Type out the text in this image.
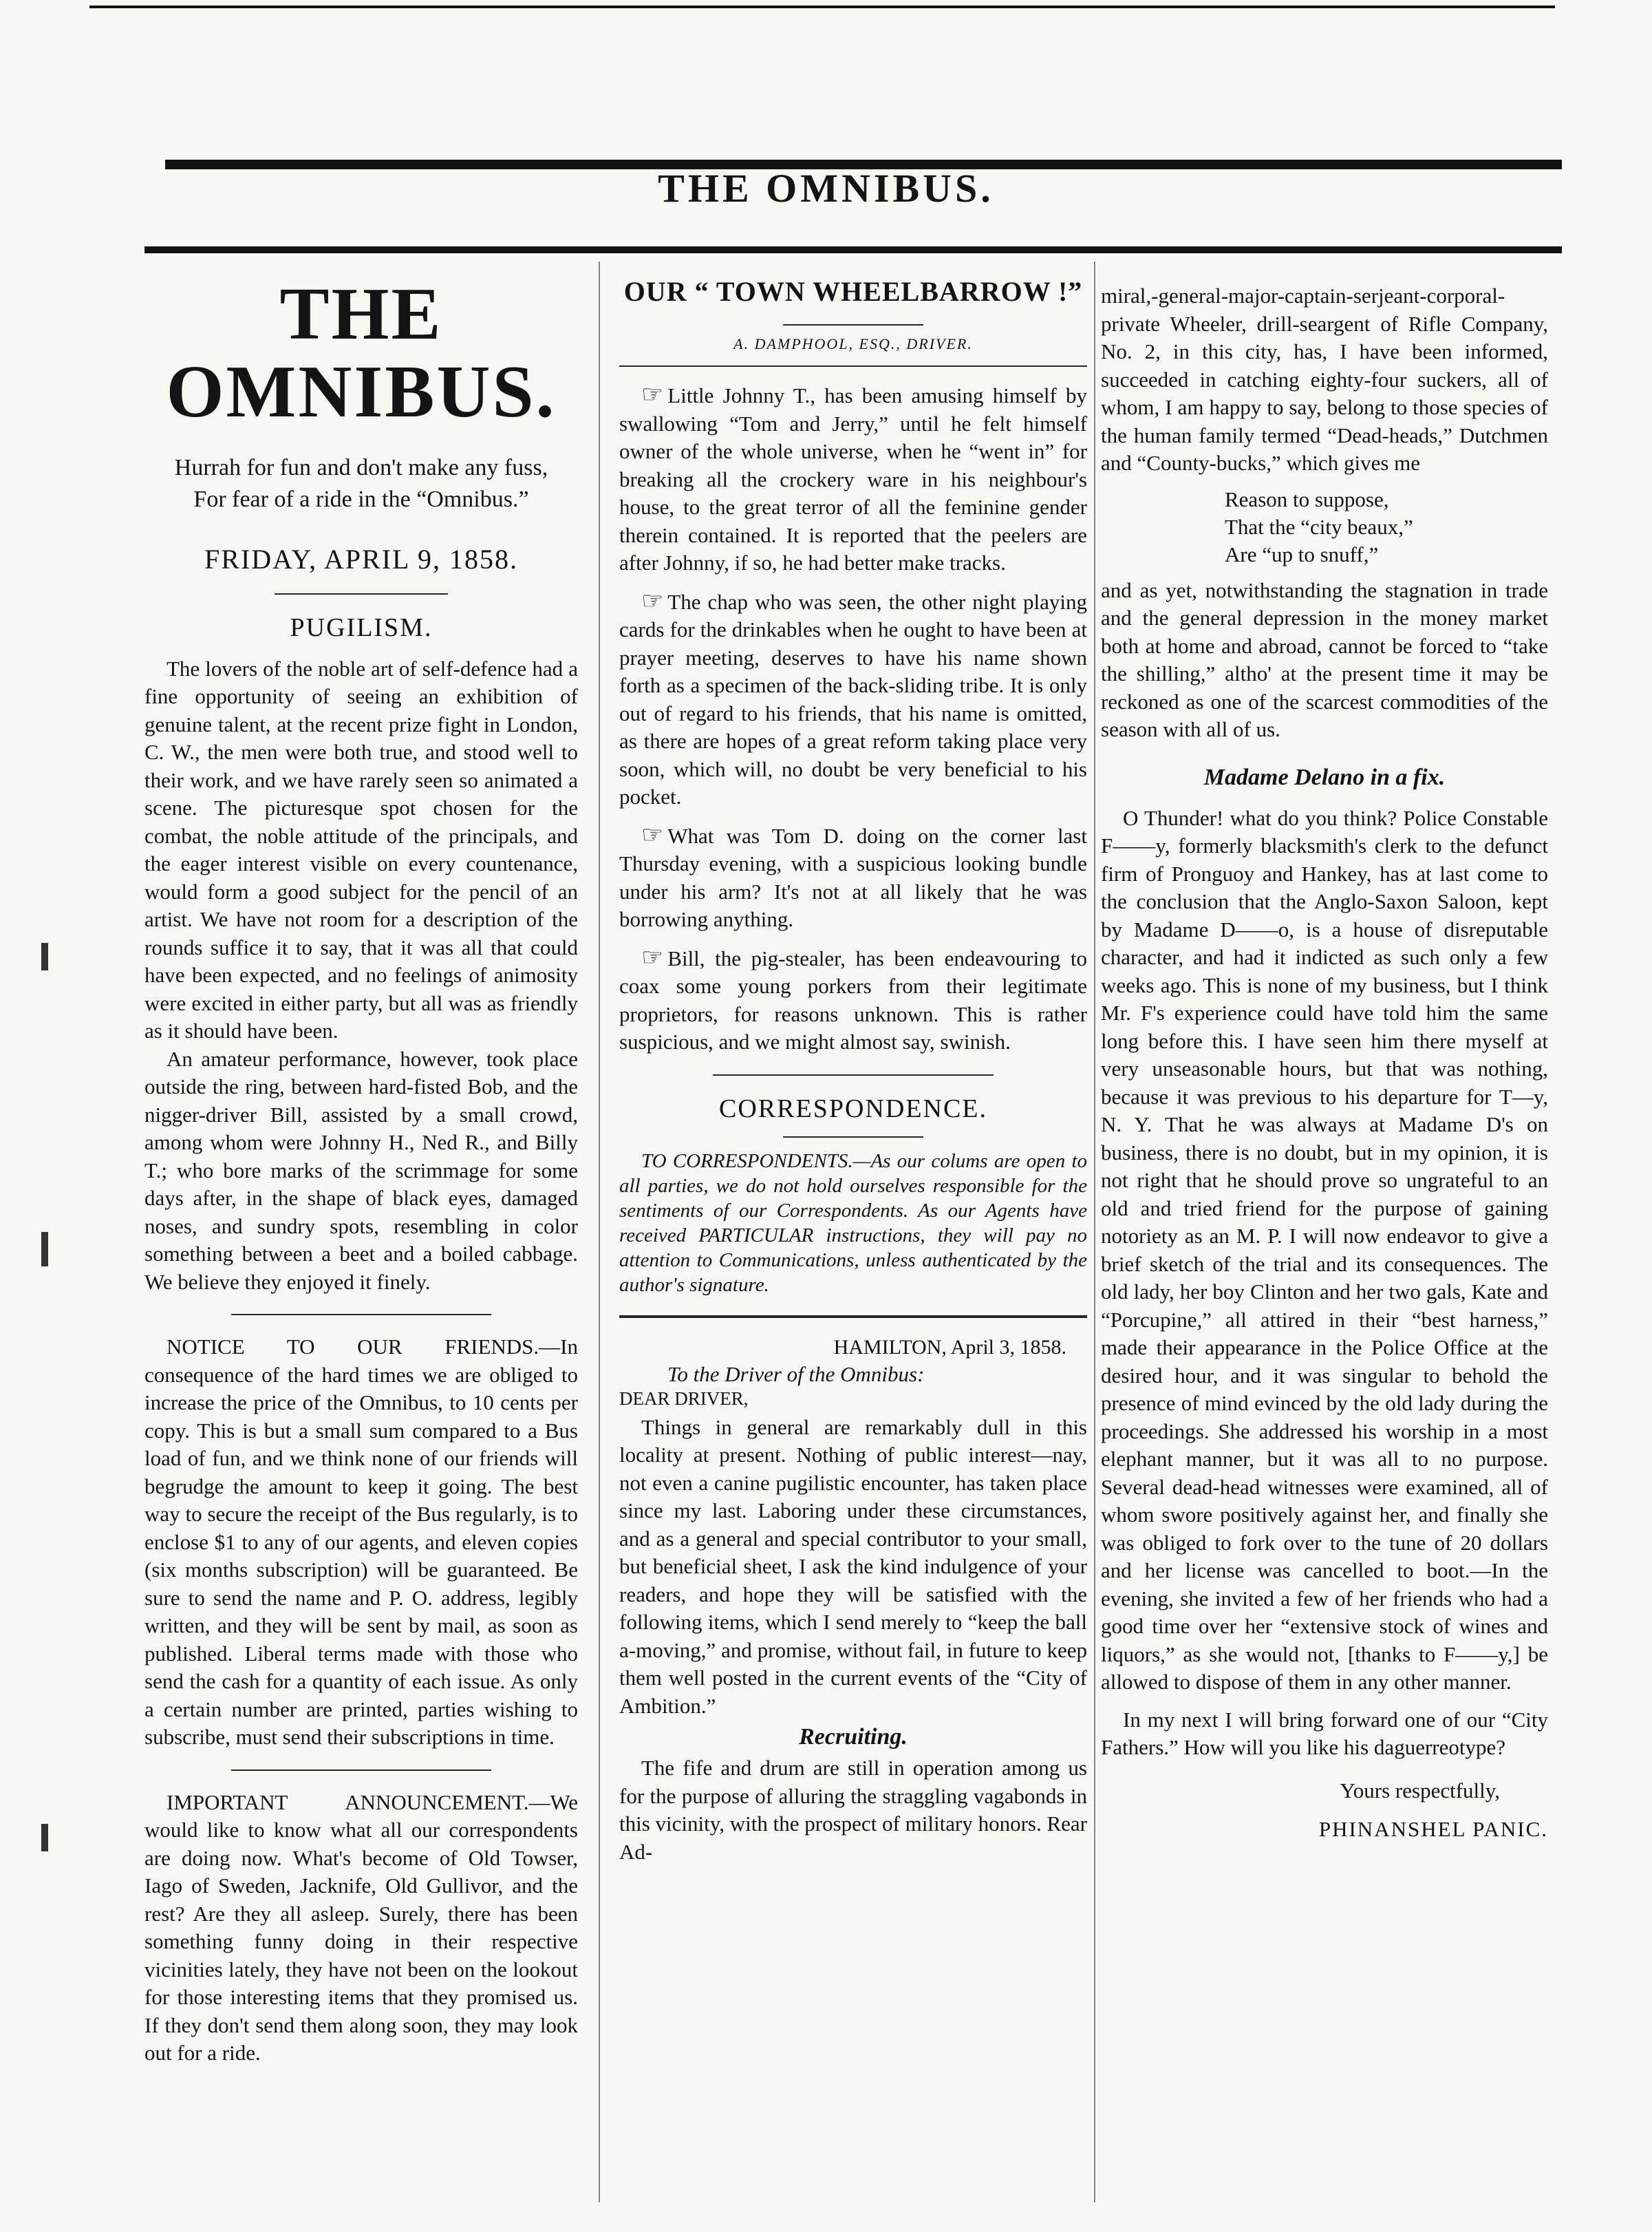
THE OMNIBUS.
THE OMNIBUS.

Hurrah for fun and don't make any fuss,

For fear of a ride in the “Omnibus.”

FRIDAY, APRIL 9, 1858.
PUGILISM.

The lovers of the noble art of self-defence had a fine opportunity of seeing an exhibition of genuine talent, at the recent prize fight in London, C. W., the men were both true, and stood well to their work, and we have rarely seen so animated a scene. The picturesque spot chosen for the combat, the noble attitude of the principals, and the eager interest visible on every countenance, would form a good subject for the pencil of an artist. We have not room for a description of the rounds suffice it to say, that it was all that could have been expected, and no feelings of animosity were excited in either party, but all was as friendly as it should have been.

An amateur performance, however, took place outside the ring, between hard-fisted Bob, and the nigger-driver Bill, assisted by a small crowd, among whom were Johnny H., Ned R., and Billy T.; who bore marks of the scrimmage for some days after, in the shape of black eyes, damaged noses, and sundry spots, resembling in color something between a beet and a boiled cabbage. We believe they enjoyed it finely.

NOTICE TO OUR FRIENDS.—In consequence of the hard times we are obliged to increase the price of the Omnibus, to 10 cents per copy. This is but a small sum compared to a Bus load of fun, and we think none of our friends will begrudge the amount to keep it going. The best way to secure the receipt of the Bus regularly, is to enclose $1 to any of our agents, and eleven copies (six months subscription) will be guaranteed. Be sure to send the name and P. O. address, legibly written, and they will be sent by mail, as soon as published. Liberal terms made with those who send the cash for a quantity of each issue. As only a certain number are printed, parties wishing to subscribe, must send their subscriptions in time.

IMPORTANT ANNOUNCEMENT.—We would like to know what all our correspondents are doing now. What's become of Old Towser, Iago of Sweden, Jacknife, Old Gullivor, and the rest? Are they all asleep. Surely, there has been something funny doing in their respective vicinities lately, they have not been on the lookout for those interesting items that they promised us. If they don't send them along soon, they may look out for a ride.

OUR “ TOWN WHEELBARROW !”
A. DAMPHOOL, ESQ., DRIVER.

☞ Little Johnny T., has been amusing himself by swallowing “Tom and Jerry,” until he felt himself owner of the whole universe, when he “went in” for breaking all the crockery ware in his neighbour's house, to the great terror of all the feminine gender therein contained. It is reported that the peelers are after Johnny, if so, he had better make tracks.

☞ The chap who was seen, the other night playing cards for the drinkables when he ought to have been at prayer meeting, deserves to have his name shown forth as a specimen of the back-sliding tribe. It is only out of regard to his friends, that his name is omitted, as there are hopes of a great reform taking place very soon, which will, no doubt be very beneficial to his pocket.

☞ What was Tom D. doing on the corner last Thursday evening, with a suspicious looking bundle under his arm? It's not at all likely that he was borrowing anything.

☞ Bill, the pig-stealer, has been endeavouring to coax some young porkers from their legitimate proprietors, for reasons unknown. This is rather suspicious, and we might almost say, swinish.

CORRESPONDENCE.

TO CORRESPONDENTS.—As our colums are open to all parties, we do not hold ourselves responsible for the sentiments of our Correspondents. As our Agents have received PARTICULAR instructions, they will pay no attention to Communications, unless authenticated by the author's signature.

HAMILTON, April 3, 1858.
To the Driver of the Omnibus:
DEAR DRIVER,

Things in general are remarkably dull in this locality at present. Nothing of public interest—nay, not even a canine pugilistic encounter, has taken place since my last. Laboring under these circumstances, and as a general and special contributor to your small, but beneficial sheet, I ask the kind indulgence of your readers, and hope they will be satisfied with the following items, which I send merely to “keep the ball a-moving,” and promise, without fail, in future to keep them well posted in the current events of the “City of Ambition.”

Recruiting.

The fife and drum are still in operation among us for the purpose of alluring the straggling vagabonds in this vicinity, with the prospect of military honors. Rear Ad-

miral,-general-major-captain-serjeant-corporal-private Wheeler, drill-seargent of Rifle Company, No. 2, in this city, has, I have been informed, succeeded in catching eighty-four suckers, all of whom, I am happy to say, belong to those species of the human family termed “Dead-heads,” Dutchmen and “County-bucks,” which gives me

Reason to suppose,
That the “city beaux,”
Are “up to snuff,”

and as yet, notwithstanding the stagnation in trade and the general depression in the money market both at home and abroad, cannot be forced to “take the shilling,” altho' at the present time it may be reckoned as one of the scarcest commodities of the season with all of us.

Madame Delano in a fix.

O Thunder! what do you think? Police Constable F——y, formerly blacksmith's clerk to the defunct firm of Pronguoy and Hankey, has at last come to the conclusion that the Anglo-Saxon Saloon, kept by Madame D——o, is a house of disreputable character, and had it indicted as such only a few weeks ago. This is none of my business, but I think Mr. F's experience could have told him the same long before this. I have seen him there myself at very unseasonable hours, but that was nothing, because it was previous to his departure for T—y, N. Y. That he was always at Madame D's on business, there is no doubt, but in my opinion, it is not right that he should prove so ungrateful to an old and tried friend for the purpose of gaining notoriety as an M. P. I will now endeavor to give a brief sketch of the trial and its consequences. The old lady, her boy Clinton and her two gals, Kate and “Porcupine,” all attired in their “best harness,” made their appearance in the Police Office at the desired hour, and it was singular to behold the presence of mind evinced by the old lady during the proceedings. She addressed his worship in a most elephant manner, but it was all to no purpose. Several dead-head witnesses were examined, all of whom swore positively against her, and finally she was obliged to fork over to the tune of 20 dollars and her license was cancelled to boot.—In the evening, she invited a few of her friends who had a good time over her “extensive stock of wines and liquors,” as she would not, [thanks to F——y,] be allowed to dispose of them in any other manner.

In my next I will bring forward one of our “City Fathers.” How will you like his daguerreotype?

Yours respectfully,
PHINANSHEL PANIC.
